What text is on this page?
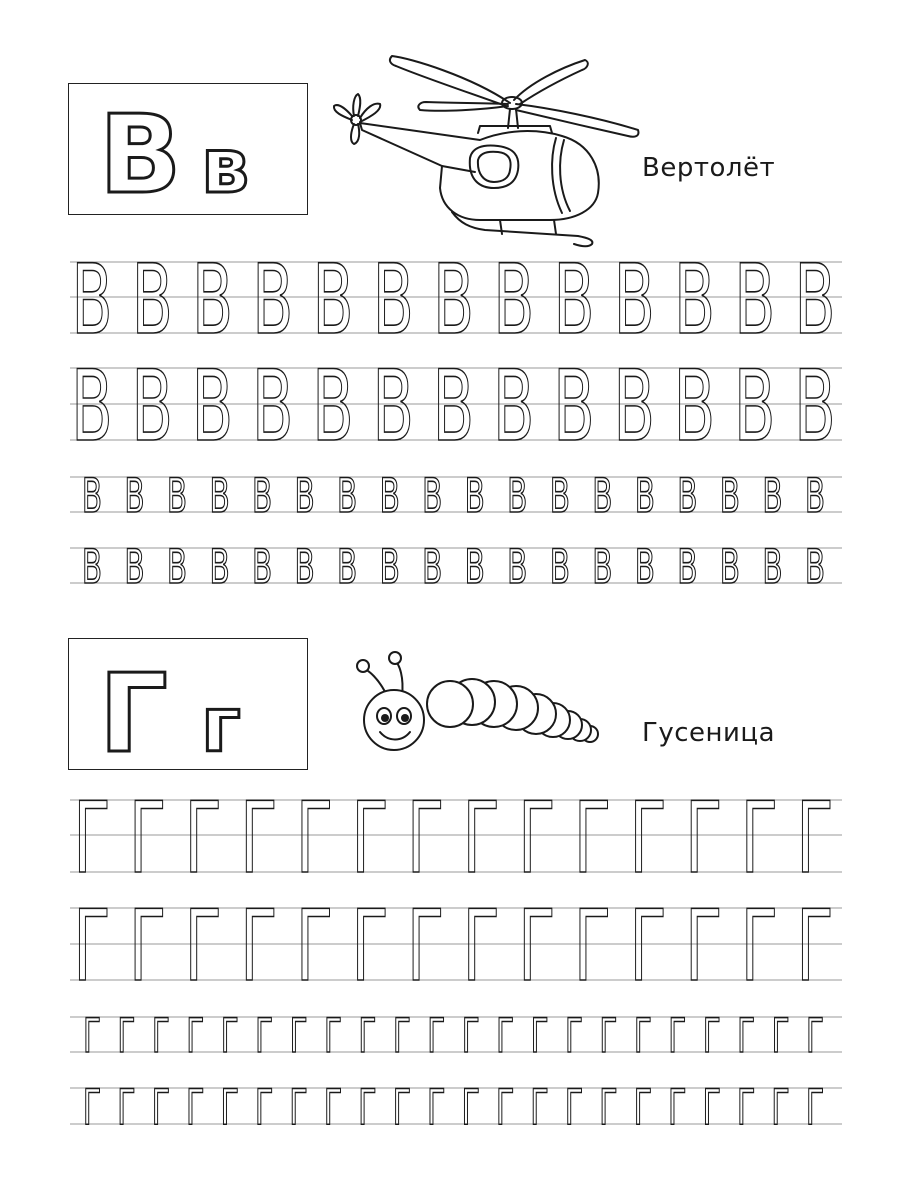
В в	Вертолёт
В В В В В В В В В В В В В
В В В В В В В В В В В В В
В В В В В В В В В В В В В В В В В В
В В В В В В В В В В В В В В В В В В
Г г	Гусеница
Г Г Г Г Г Г Г Г Г Г Г Г Г Г
Г Г Г Г Г Г Г Г Г Г Г Г Г Г
Г Г Г Г Г Г Г Г Г Г Г Г Г Г Г Г Г Г Г Г Г Г
Г Г Г Г Г Г Г Г Г Г Г Г Г Г Г Г Г Г Г Г Г Г
